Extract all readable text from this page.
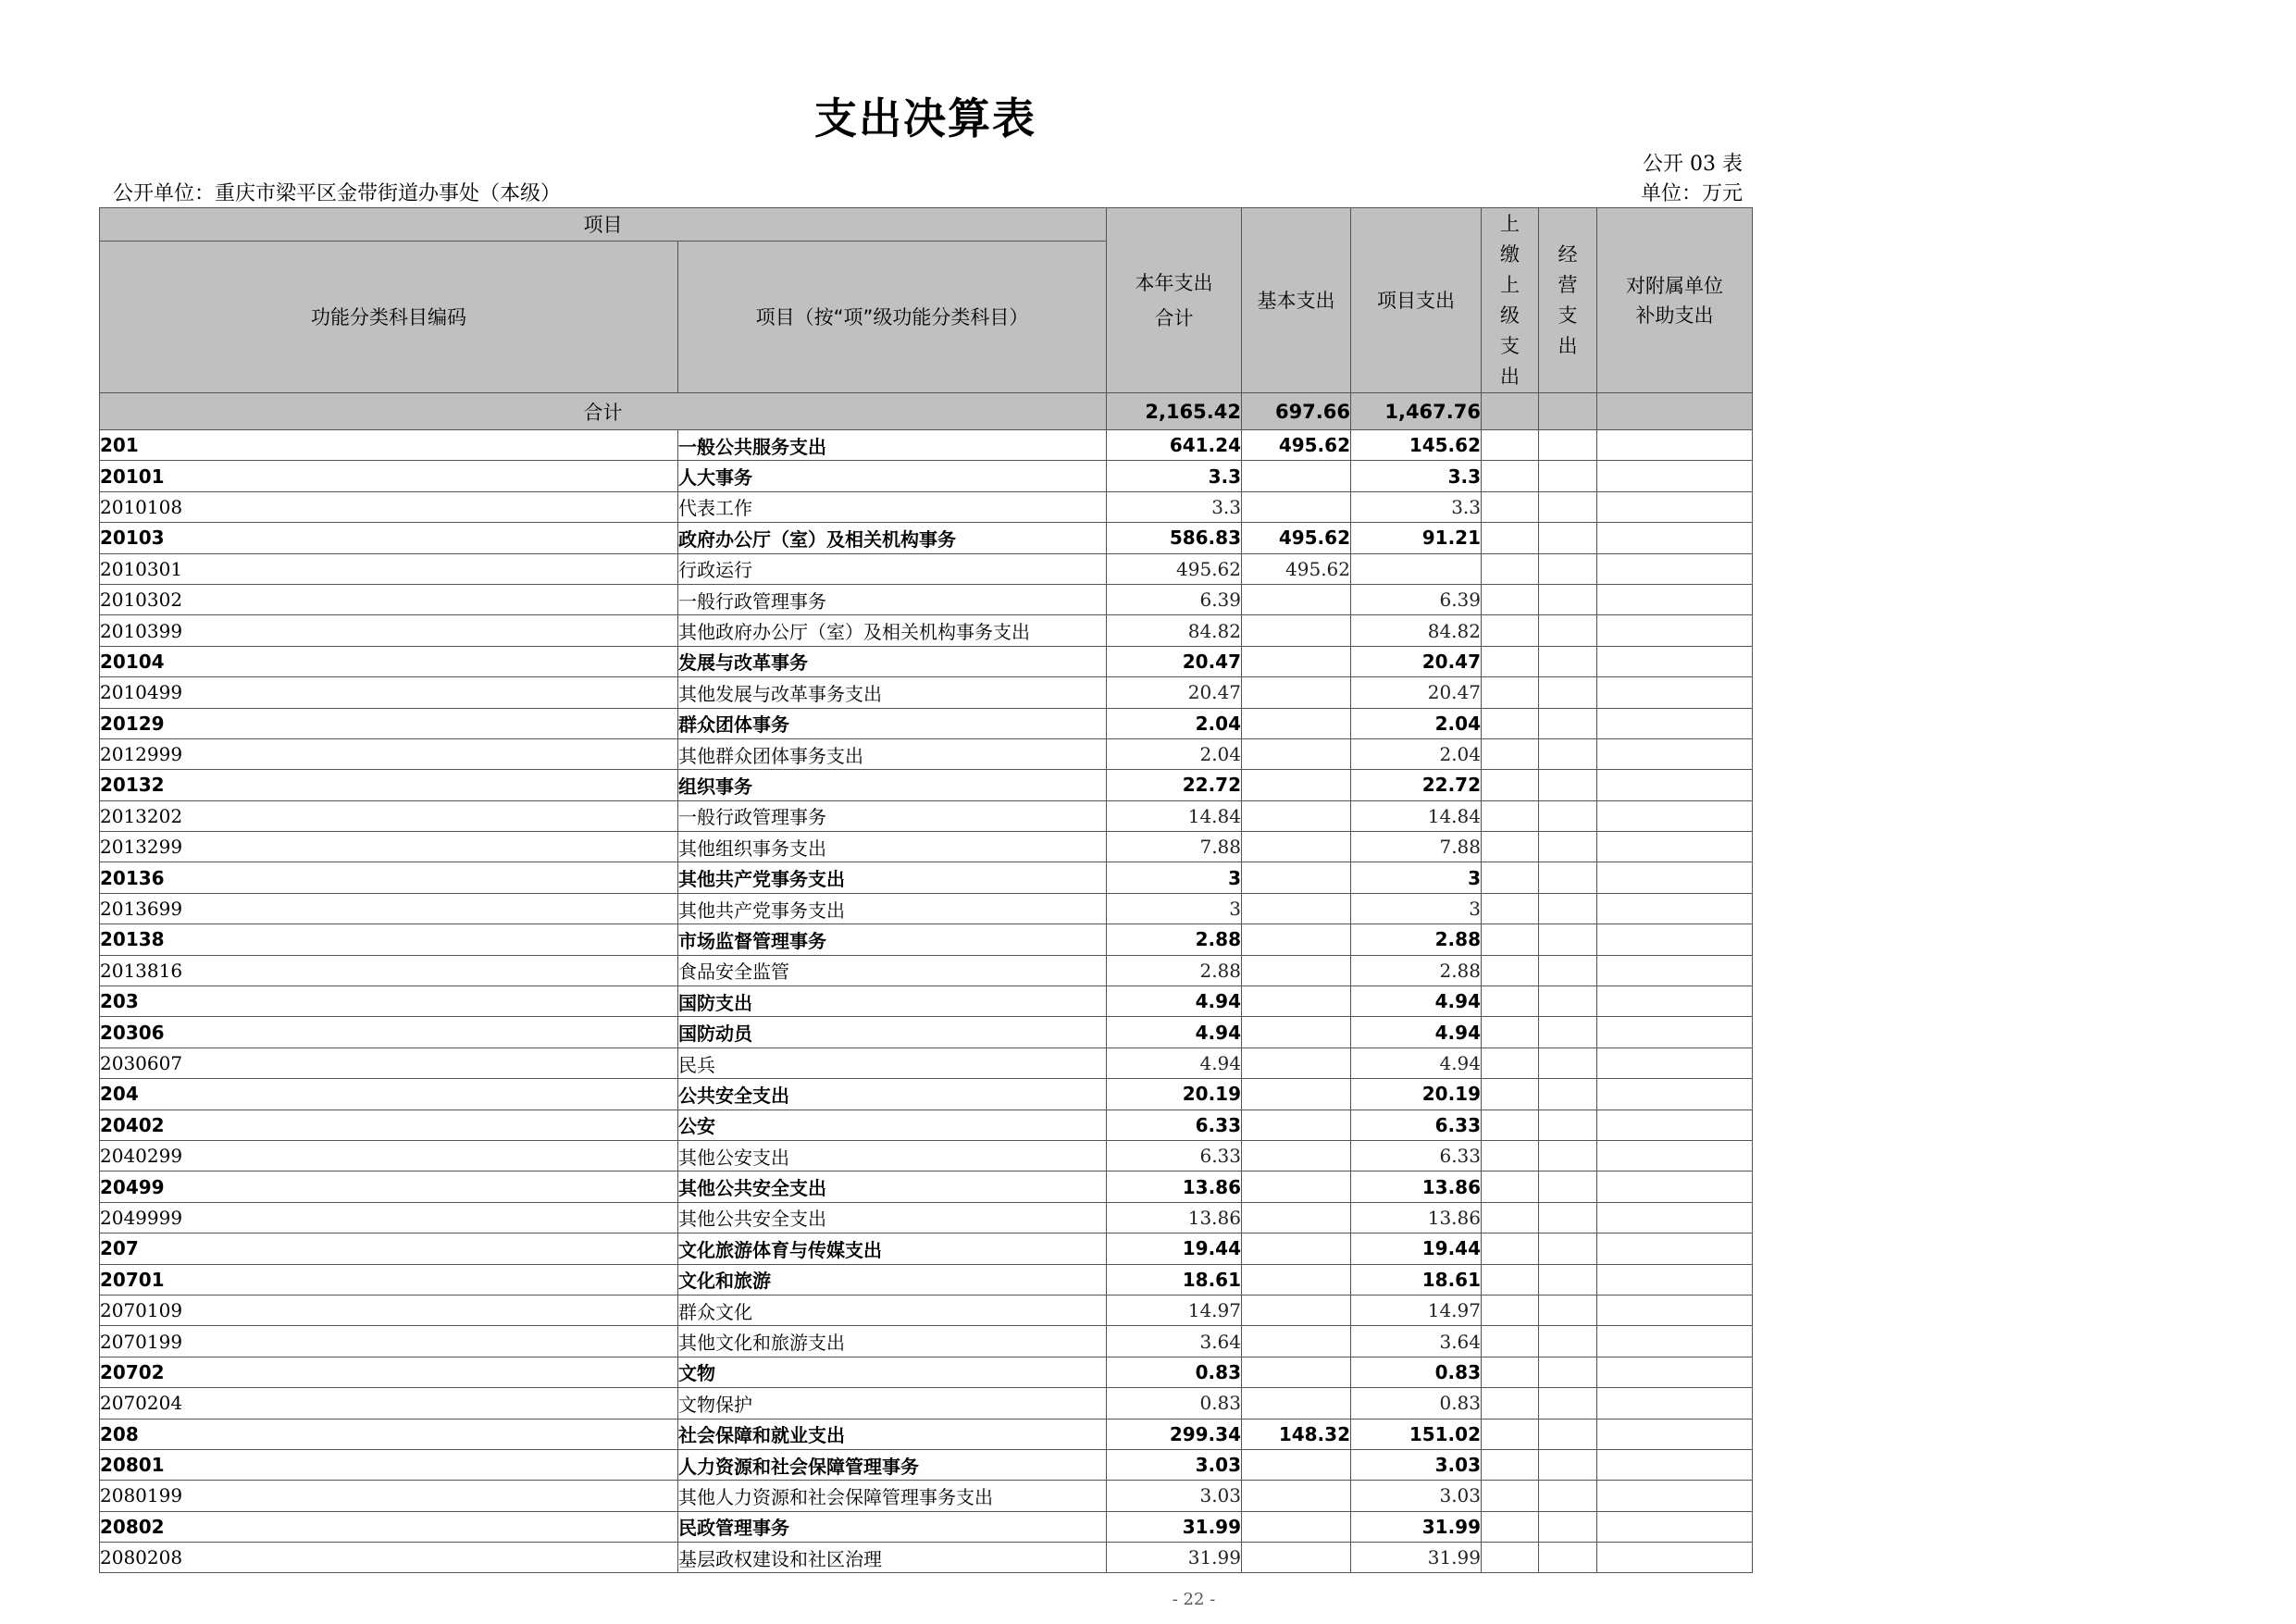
支出决算表
公开 03 表
公开单位：重庆市梁平区金带街道办事处（本级）	单位：万元
项目		本年支出合计	基本支出	项目支出	上缴上级支出	经营支出	对附属单位补助支出

功能分类科目编码	项目（按“项”级功能分类科目）						
合计		2,165.42	697.66	1,467.76			
201	一般公共服务支出	641.24	495.62	145.62			
20101	人大事务	3.3		3.3			
2010108	代表工作	3.3		3.3			
20103	政府办公厅（室）及相关机构事务	586.83	495.62	91.21			
2010301	行政运行	495.62	495.62				
2010302	一般行政管理事务	6.39		6.39			
2010399	其他政府办公厅（室）及相关机构事务支出	84.82		84.82			
20104	发展与改革事务	20.47		20.47			
2010499	其他发展与改革事务支出	20.47		20.47			
20129	群众团体事务	2.04		2.04			
2012999	其他群众团体事务支出	2.04		2.04			
20132	组织事务	22.72		22.72			
2013202	一般行政管理事务	14.84		14.84			
2013299	其他组织事务支出	7.88		7.88			
20136	其他共产党事务支出	3		3			
2013699	其他共产党事务支出	3		3			
20138	市场监督管理事务	2.88		2.88			
2013816	食品安全监管	2.88		2.88			
203	国防支出	4.94		4.94			
20306	国防动员	4.94		4.94			
2030607	民兵	4.94		4.94			
204	公共安全支出	20.19		20.19			
20402	公安	6.33		6.33			
2040299	其他公安支出	6.33		6.33			
20499	其他公共安全支出	13.86		13.86			
2049999	其他公共安全支出	13.86		13.86			
207	文化旅游体育与传媒支出	19.44		19.44			
20701	文化和旅游	18.61		18.61			
2070109	群众文化	14.97		14.97			
2070199	其他文化和旅游支出	3.64		3.64			
20702	文物	0.83		0.83			
2070204	文物保护	0.83		0.83			
208	社会保障和就业支出	299.34	148.32	151.02			
20801	人力资源和社会保障管理事务	3.03		3.03			
2080199	其他人力资源和社会保障管理事务支出	3.03		3.03			
20802	民政管理事务	31.99		31.99			
2080208	基层政权建设和社区治理	31.99		31.99			
- 22 -
